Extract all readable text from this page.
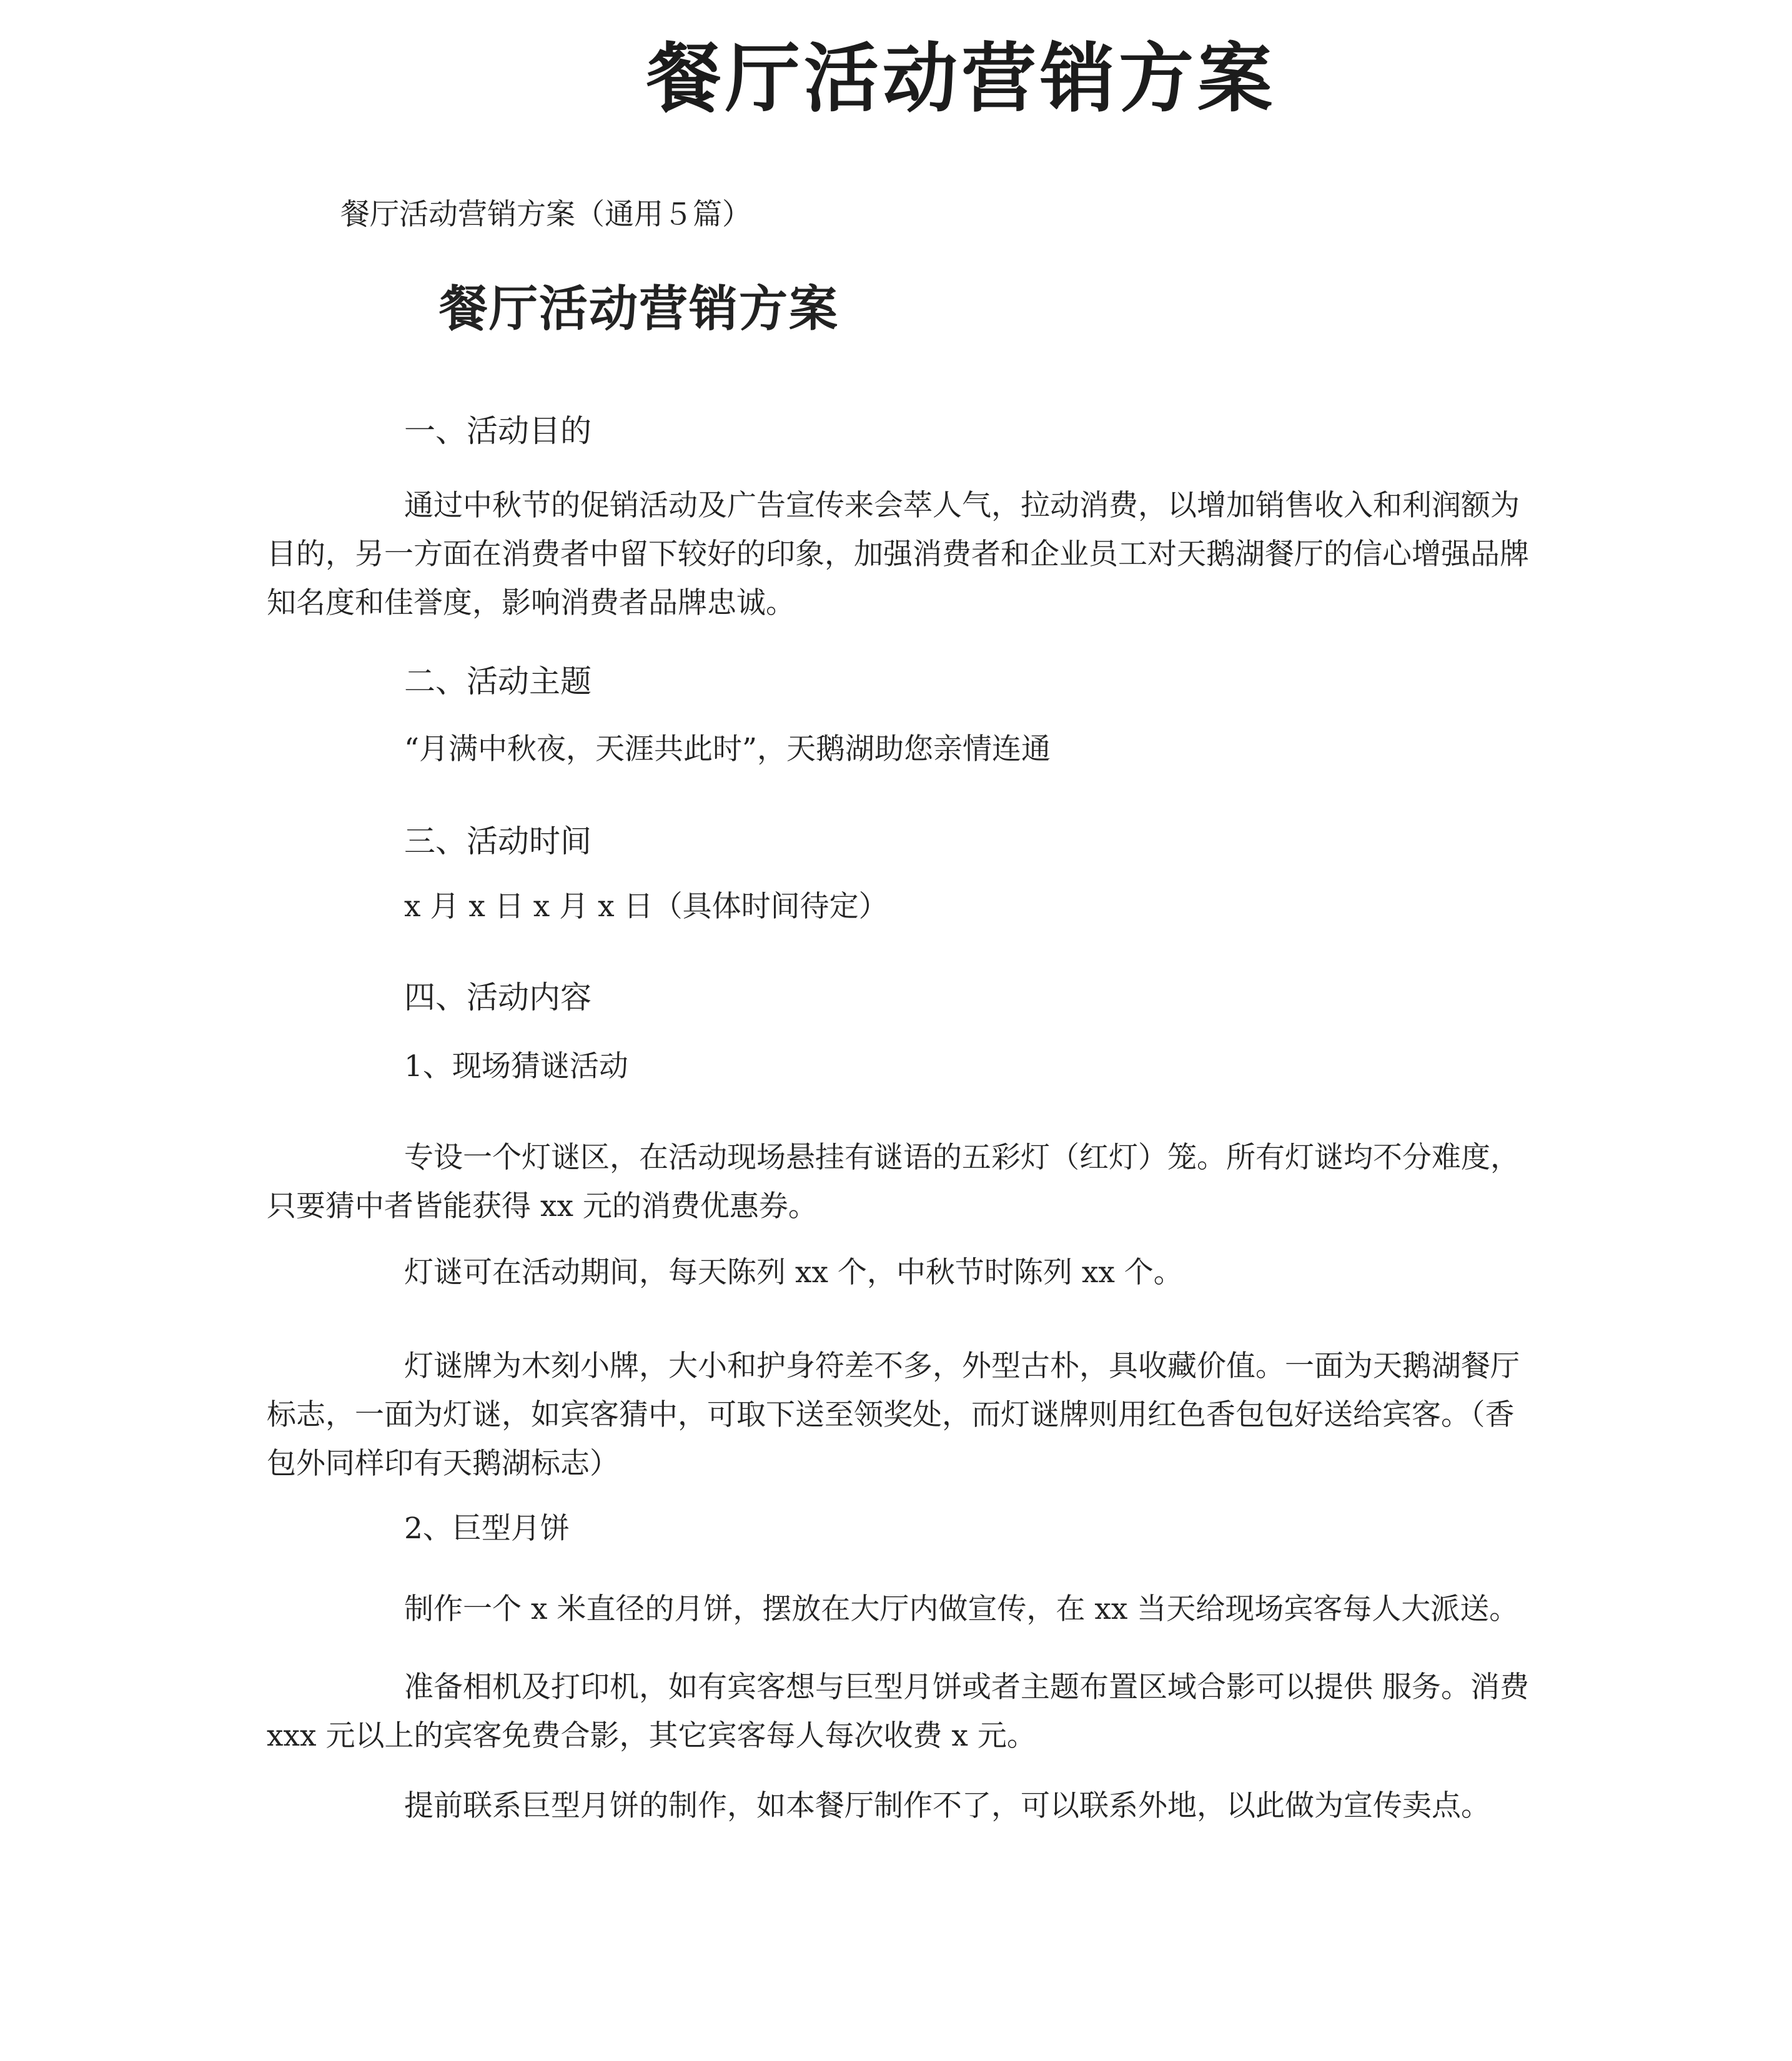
餐厅活动营销方案
餐厅活动营销方案（通用５篇）
餐厅活动营销方案
一、活动目的

通过中秋节的促销活动及广告宣传来会萃人气，拉动消费，以增加销售收入和利润额为目的，另一方面在消费者中留下较好的印象，加强消费者和企业员工对天鹅湖餐厅的信心增强品牌知名度和佳誉度，影响消费者品牌忠诚。

二、活动主题
“月满中秋夜，天涯共此时”，天鹅湖助您亲情连通
三、活动时间
x 月 x 日 x 月 x 日（具体时间待定）
四、活动内容
1、现场猜谜活动

专设一个灯谜区，在活动现场悬挂有谜语的五彩灯（红灯）笼。所有灯谜均不分难度，只要猜中者皆能获得 xx 元的消费优惠券。

灯谜可在活动期间，每天陈列 xx 个，中秋节时陈列 xx 个。

灯谜牌为木刻小牌，大小和护身符差不多，外型古朴，具收藏价值。一面为天鹅湖餐厅标志，一面为灯谜，如宾客猜中，可取下送至领奖处，而灯谜牌则用红色香包包好送给宾客。（香包外同样印有天鹅湖标志）

2、巨型月饼
制作一个 x 米直径的月饼，摆放在大厅内做宣传，在 xx 当天给现场宾客每人大派送。

准备相机及打印机，如有宾客想与巨型月饼或者主题布置区域合影可以提供 服务。消费 xxx 元以上的宾客免费合影，其它宾客每人每次收费 x 元。

提前联系巨型月饼的制作，如本餐厅制作不了，可以联系外地，以此做为宣传卖点。
